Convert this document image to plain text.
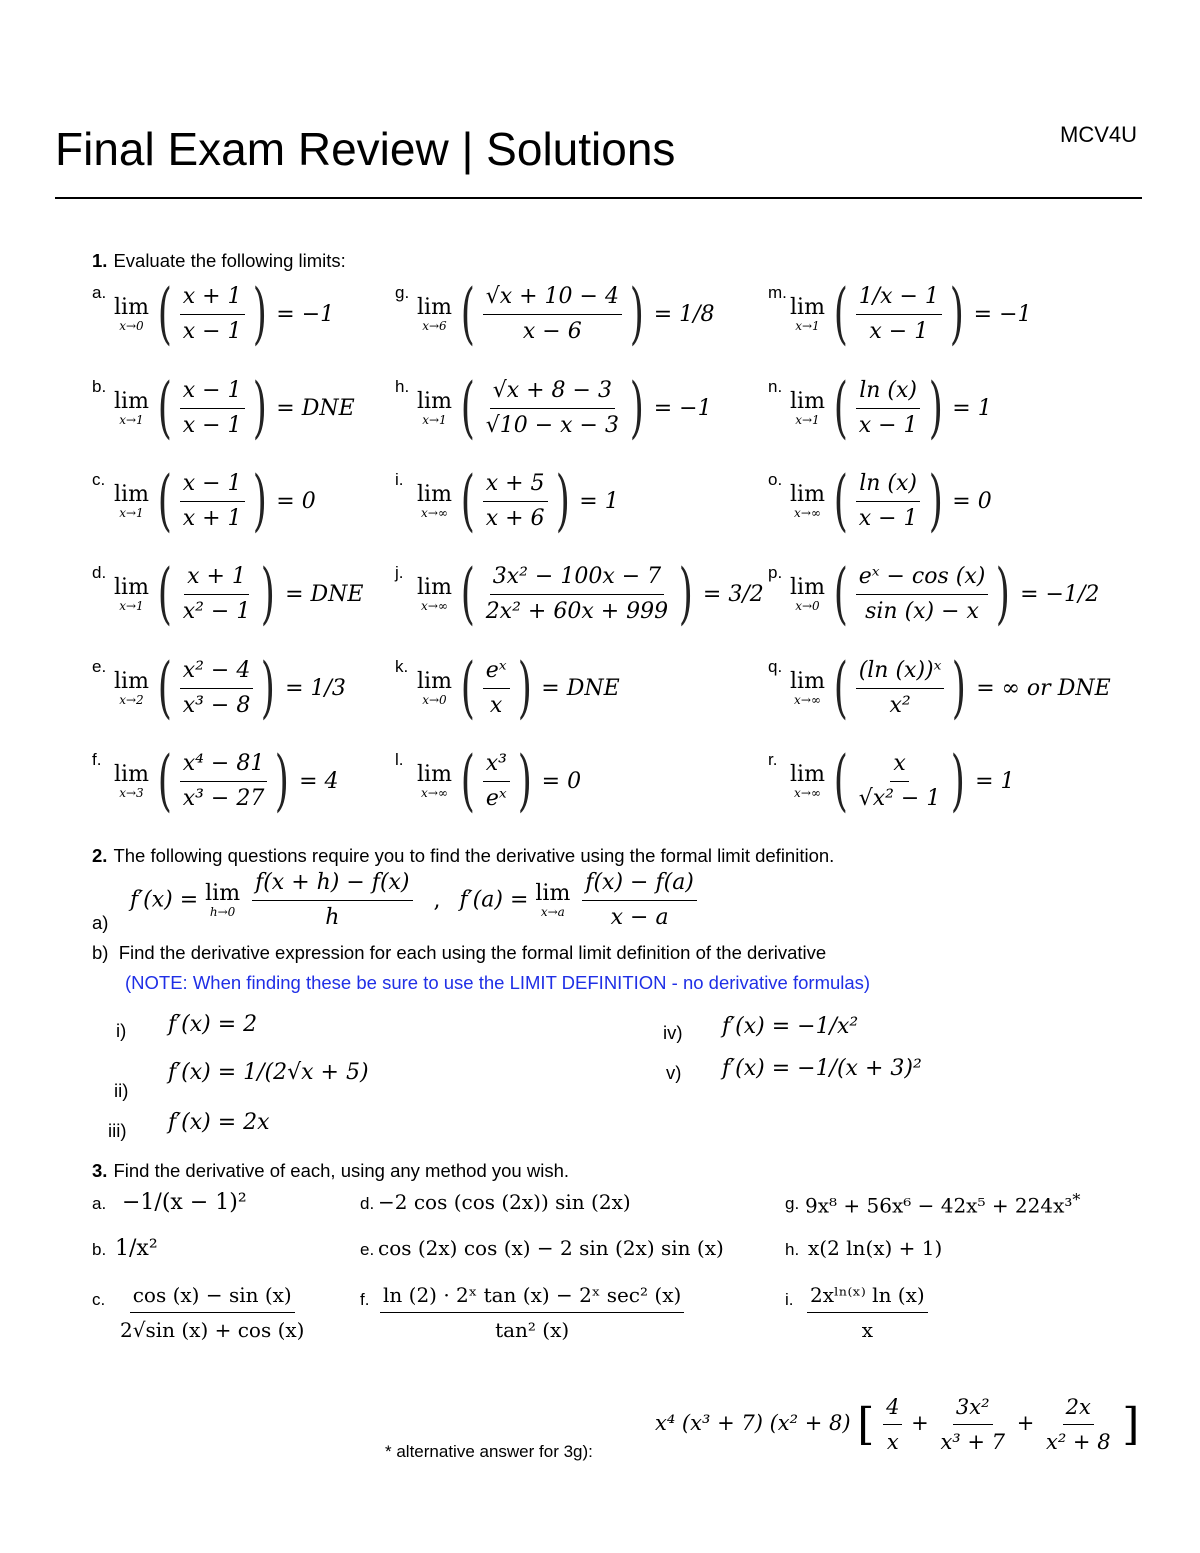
Final Exam Review | Solutions	MCV4U
1. Evaluate the following limits:
a.
lim
x→0 ( $\frac{x + 1}{x - 1}$ ) = −1
b.
lim
x→1 ( $\frac{x - 1}{x - 1}$ ) = DNE
c.
lim
x→1 ( $\frac{x - 1}{x + 1}$ ) = 0
d.
lim
x→1 ( $\frac{x + 1}{\text{x² − 1}}$ ) = DNE
e.
lim
x→2 ( $\frac{\text{x² − 4}}{\text{x³ − 8}}$ ) = 1/3
f.
lim
x→3 ( $\frac{\text{x⁴ − 81}}{\text{x³ − 27}}$ ) = 4
g.
lim
x→6 ( $\frac{√x + 10 - 4}{x - 6}$ ) = 1/8
h.
lim
x→1 ( $\frac{√x + 8 - 3}{√10 - x - 3}$ ) = −1
i.
lim
x→∞ ( $\frac{x + 5}{x + 6}$ ) = 1
j.
lim
x→∞ ( $\frac{\text{3x² − 100x − 7}}{\text{2x² + 60x + 999}}$ ) = 3/2
k.
lim
x→0 ( $\frac{\text{eˣ}}{x}$ ) = DNE
l.
lim
x→∞ ( $\frac{\text{x³}}{\text{eˣ}}$ ) = 0
m.
lim
x→1 ( $\frac{1/x - 1}{x - 1}$ ) = −1
n.
lim
x→1 ( $\frac{\ln (x)}{x - 1}$ ) = 1
o.
lim
x→∞ ( $\frac{\ln (x)}{x - 1}$ ) = 0
p.
lim
x→0 ( $\frac{\text{eˣ − cos (x)}}{\sin (x) - x}$ ) = −1/2
q.
lim
x→∞ ( $\frac{\text{(ln (x))ˣ}}{\text{x²}}$ ) = ∞ or DNE
r.
lim
x→∞ ( $\frac{x}{\text{√x² − 1}}$ ) = 1
2. The following questions require you to find the derivative using the formal limit definition.
a)
f′(x) = lim
h→0
$\frac{f(x + h) - f(x)}{h}$ , f′(a) = lim
x→a
$\frac{f(x) - f(a)}{x - a}$
b) Find the derivative expression for each using the formal limit definition of the derivative
(NOTE: When finding these be sure to use the LIMIT DEFINITION - no derivative formulas)
i) f′(x) = 2
ii)
f′(x) = 1/(2√x + 5)
iii) f′(x) = 2x
iv) f′(x) = −1/x²
v) f′(x) = −1/(x + 3)²
3. Find the derivative of each, using any method you wish.
a. −1/(x − 1)²
b. 1/x²
c. $\frac{\cos (x) - \sin (x)}{2√\sin (x) + \cos (x)}$
d. −2 cos (cos (2x)) sin (2x)
e. cos (2x) cos (x) − 2 sin (2x) sin (x)
f. $\frac{\text{ln (2) · 2ˣ tan (x) − 2ˣ sec² (x)}}{\text{tan² (x)}}$
g. 9x⁸ + 56x⁶ − 42x⁵ + 224x³*
h. x(2 ln(x) + 1)
i. $\frac{\text{2xˡⁿ⁽ˣ⁾ ln (x)}}{x}$
* alternative answer for 3g):
x⁴ (x³ + 7) (x² + 8) [ $\frac{4}{x} + \frac{\text{3x²}}{\text{x³ + 7}} + \frac{2x}{\text{x² + 8}}$ ]
